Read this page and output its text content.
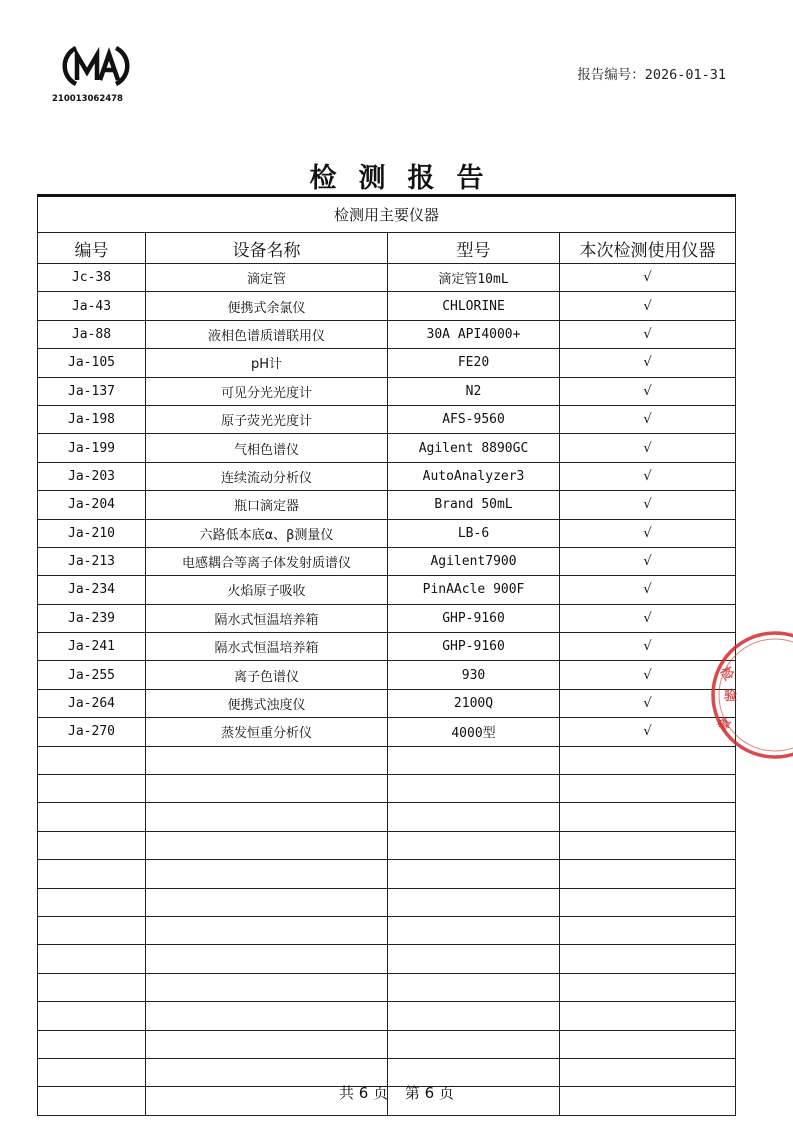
210013062478
报告编号：2026-01-31
检测报告
检测用主要仪器			
编号	设备名称	型号	本次检测使用仪器
Jc-38	滴定管	滴定管10mL	√
Ja-43	便携式余氯仪	CHLORINE	√
Ja-88	液相色谱质谱联用仪	30A API4000+	√
Ja-105	pH计	FE20	√
Ja-137	可见分光光度计	N2	√
Ja-198	原子荧光光度计	AFS-9560	√
Ja-199	气相色谱仪	Agilent 8890GC	√
Ja-203	连续流动分析仪	AutoAnalyzer3	√
Ja-204	瓶口滴定器	Brand 50mL	√
Ja-210	六路低本底α、β测量仪	LB-6	√
Ja-213	电感耦合等离子体发射质谱仪	Agilent7900	√
Ja-234	火焰原子吸收	PinAAcle 900F	√
Ja-239	隔水式恒温培养箱	GHP-9160	√
Ja-241	隔水式恒温培养箱	GHP-9160	√
Ja-255	离子色谱仪	930	√
Ja-264	便携式浊度仪	2100Q	√
Ja-270	蒸发恒重分析仪	4000型	√

检
验
章
共 6 页 第 6 页
